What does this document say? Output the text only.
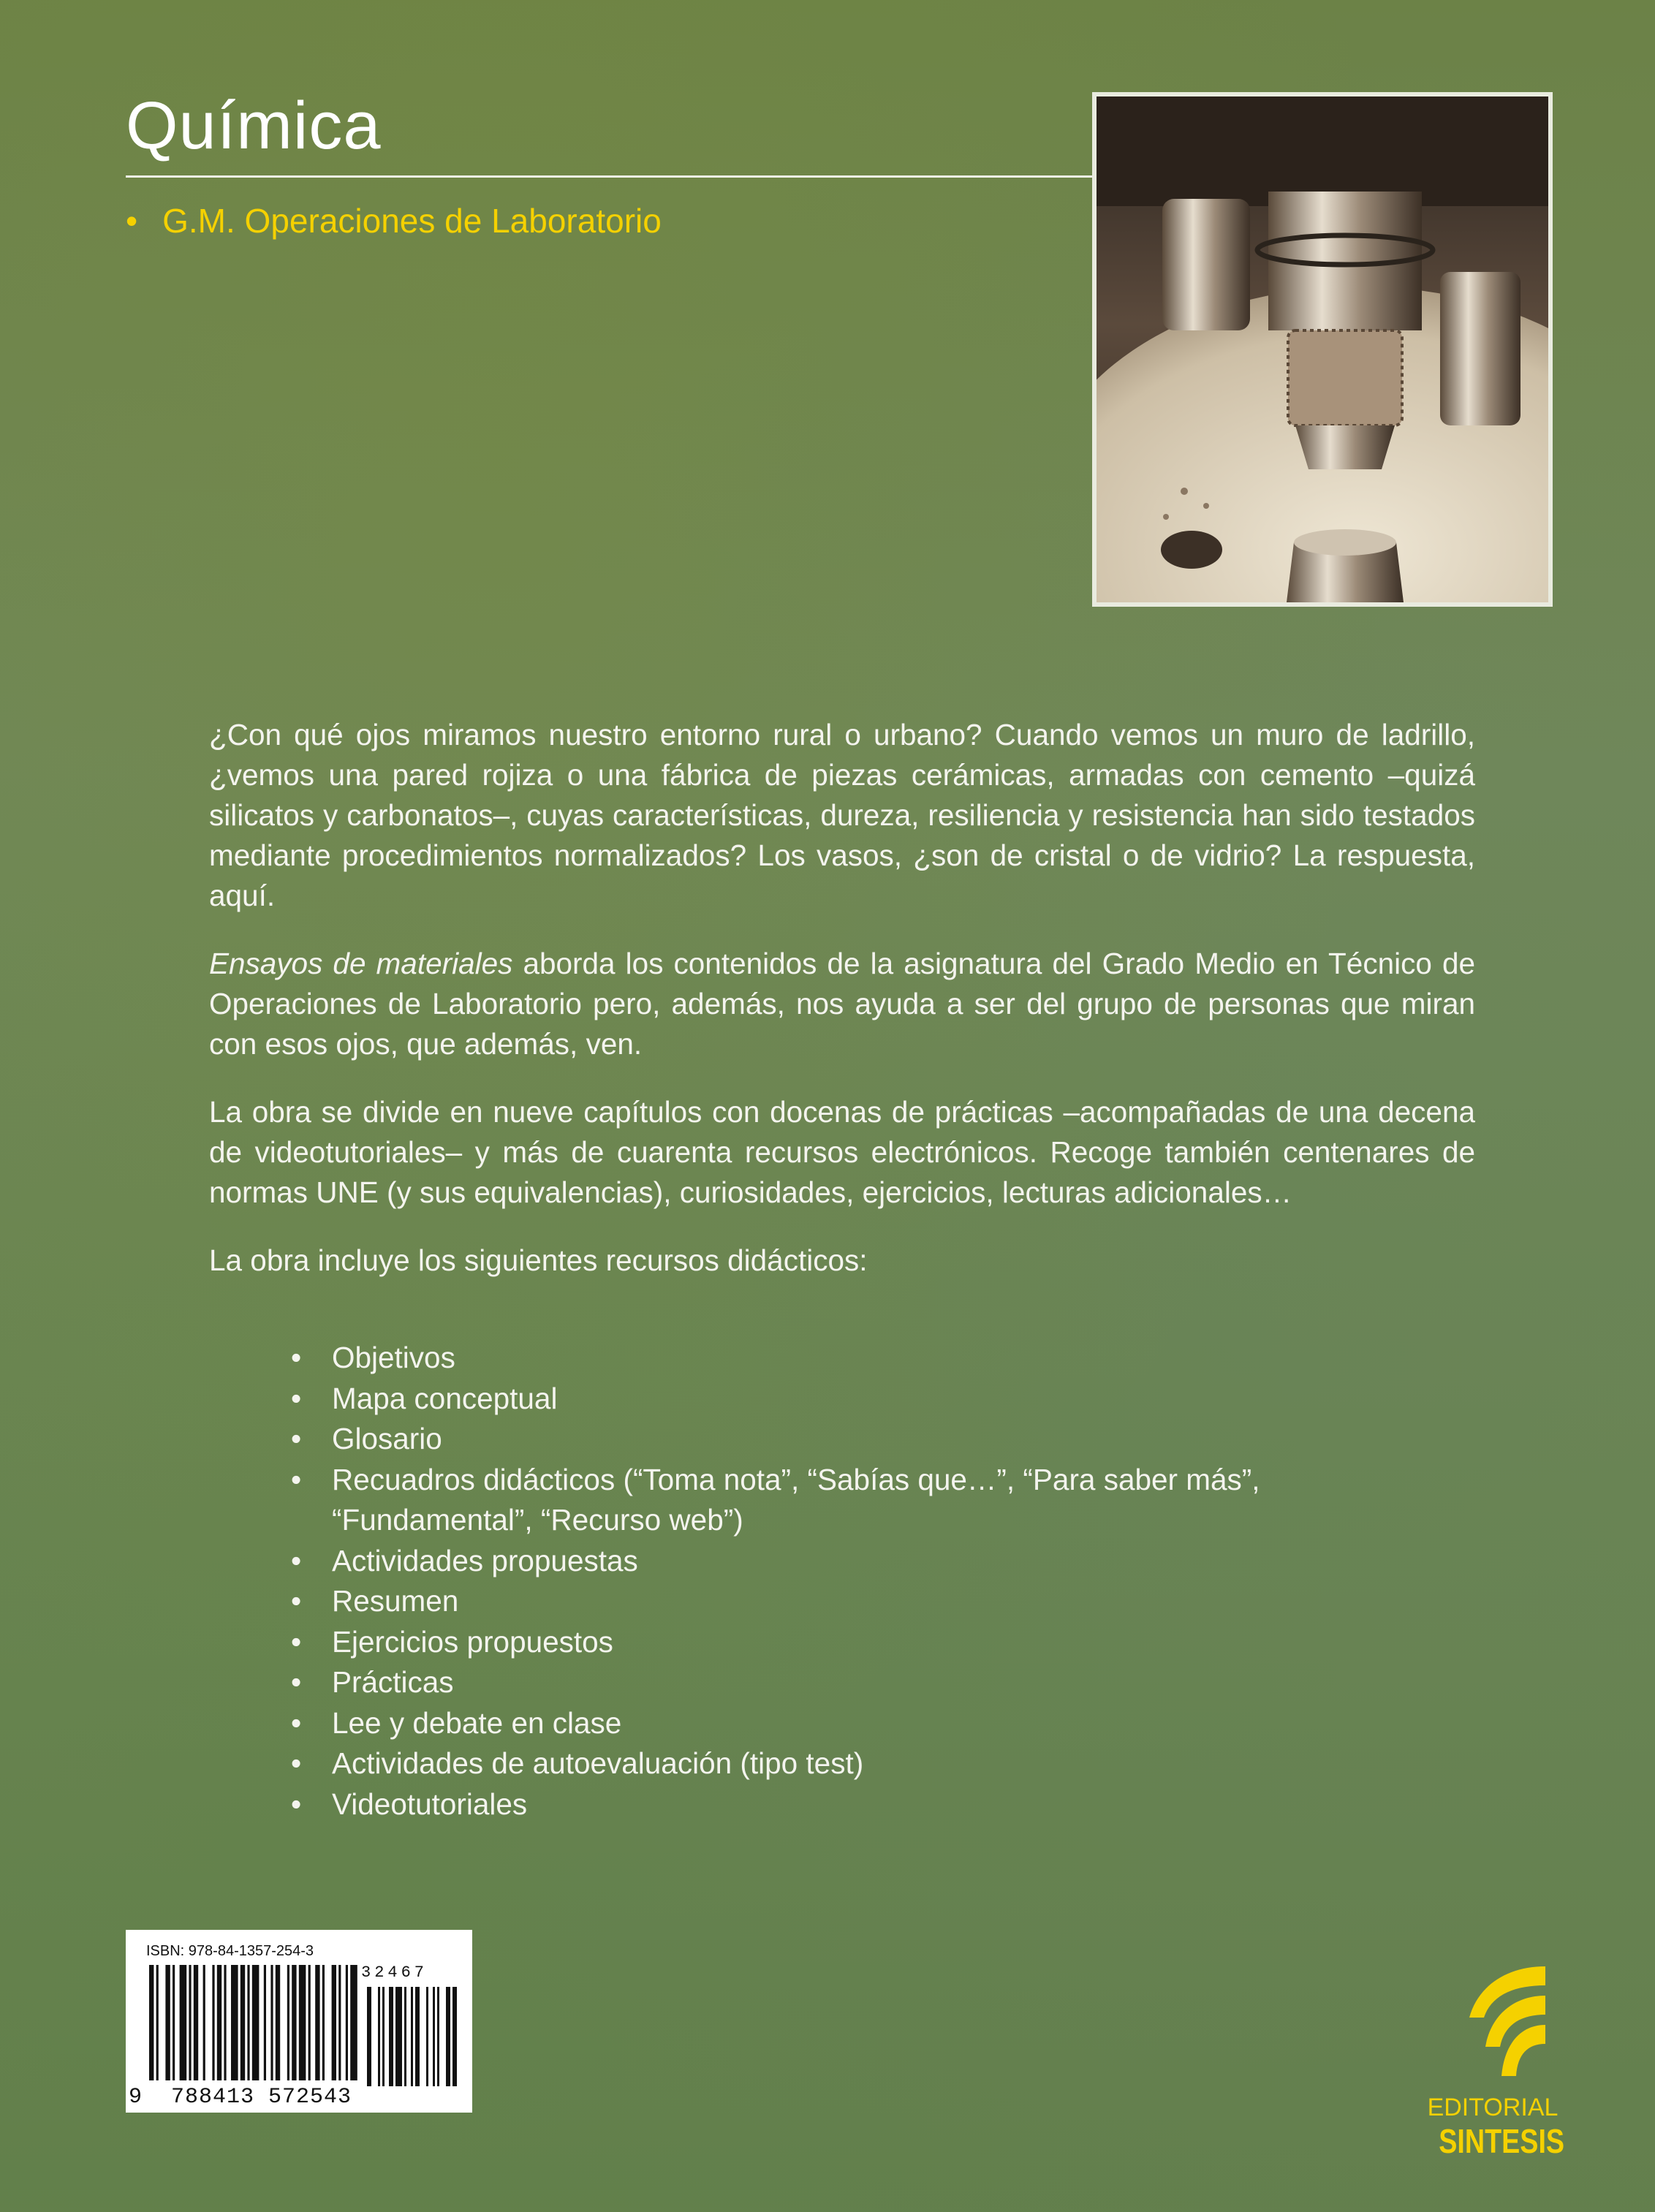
Química
• G.M. Operaciones de Laboratorio

¿Con qué ojos miramos nuestro entorno rural o urbano? Cuando vemos un muro de ladrillo, ¿vemos una pared rojiza o una fábrica de piezas cerámicas, armadas con cemento –quizá silicatos y carbonatos–, cuyas características, dureza, resiliencia y resistencia han sido testados mediante procedimientos normalizados? Los vasos, ¿son de cristal o de vidrio? La respuesta, aquí.

Ensayos de materiales aborda los contenidos de la asignatura del Grado Medio en Técnico de Operaciones de Laboratorio pero, además, nos ayuda a ser del grupo de personas que miran con esos ojos, que además, ven.

La obra se divide en nueve capítulos con docenas de prácticas –acompañadas de una decena de videotutoriales– y más de cuarenta recursos electrónicos. Recoge también centenares de normas UNE (y sus equivalencias), curiosidades, ejercicios, lecturas adicionales…

La obra incluye los siguientes recursos didácticos:

•	Objetivos
•	Mapa conceptual
•	Glosario
•	Recuadros didácticos (“Toma nota”, “Sabías que…”, “Para saber más”, “Fundamental”, “Recurso web”)
•	Actividades propuestas
•	Resumen
•	Ejercicios propuestos
•	Prácticas
•	Lee y debate en clase
•	Actividades de autoevaluación (tipo test)
•	Videotutoriales
ISBN: 978-84-1357-254-3
9 788413 572543
32467
EDITORIAL
SINTESIS
